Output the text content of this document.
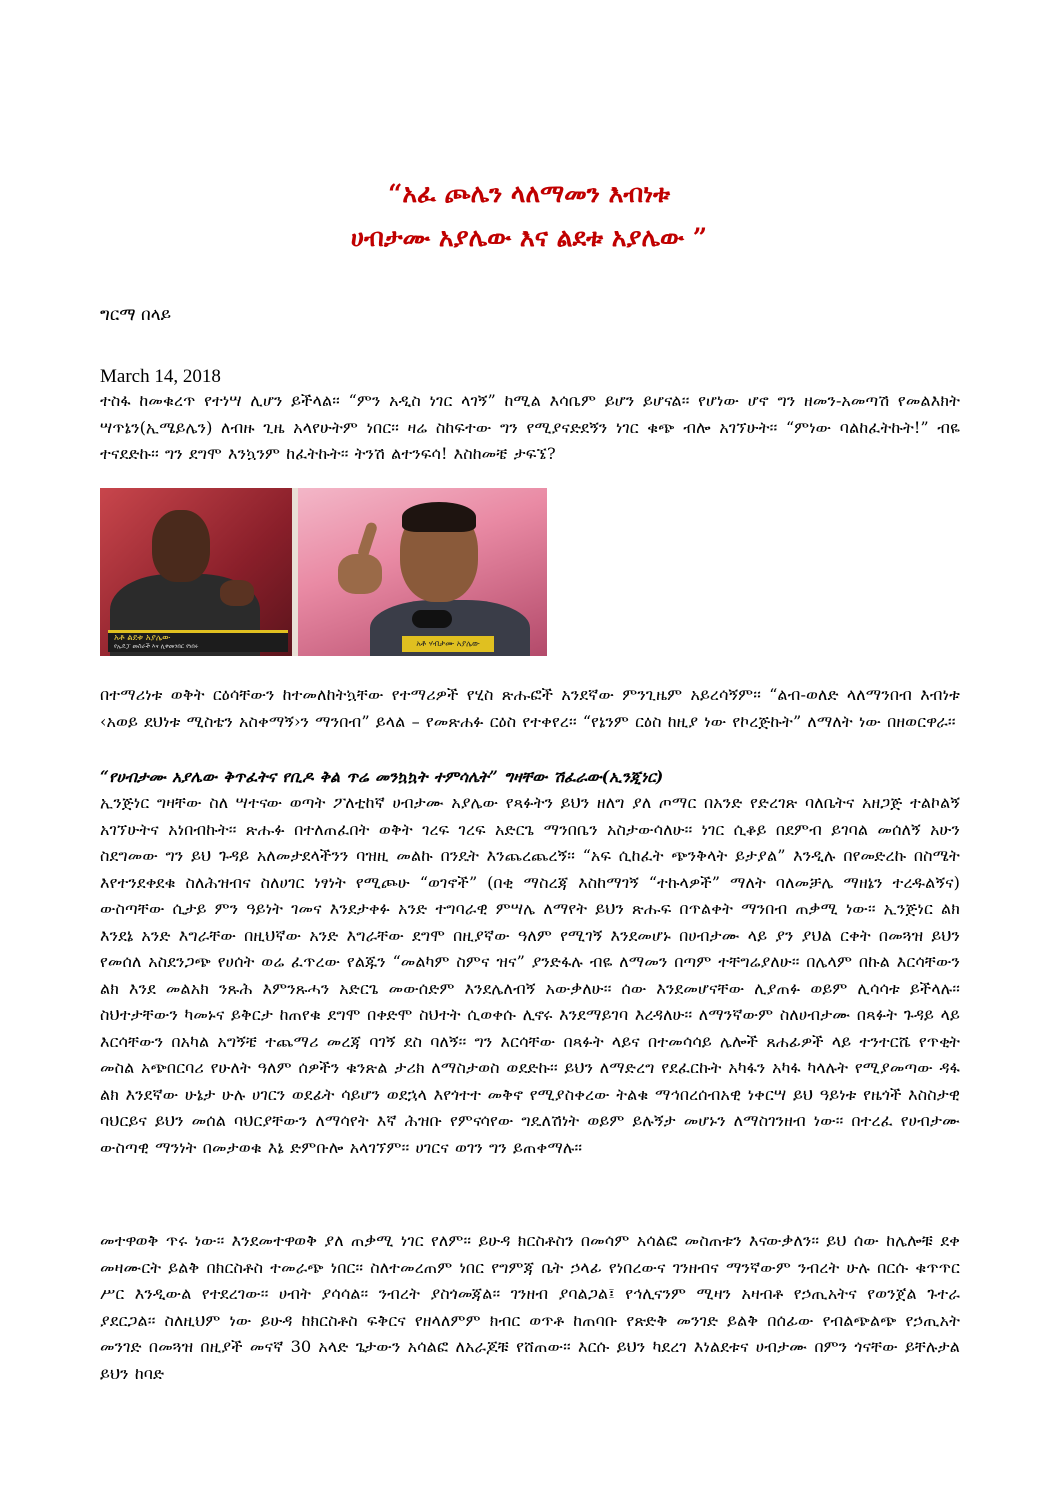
“አፈ ጮሌን ላለማመን እብነቱ
ሀብታሙ አያሌው እና ልደቱ አያሌው ”
ግርማ በላይ
March 14, 2018
ተስፋ ከመቁረጥ የተነሣ ሊሆን ይችላል፡፡ “ምን አዲስ ነገር ላገኝ” ከሚል እሳቤም ይሆን ይሆናል፡፡ የሆነው ሆኖ ግን ዘመን-አመጣሽ የመልእክት ሣጥኔን(ኢሜይሌን) ለብዙ ጊዜ አላየሁትም ነበር፡፡ ዛሬ ስከፍተው ግን የሚያናድደኝን ነገር ቁጭ ብሎ አገኘሁት፡፡ “ምነው ባልከፈትኩት!” ብዬ ተናደድኩ፡፡ ግን ደግሞ እንኳንም ከፈትኩት፡፡ ትንሽ ልተንፍሳ! እስከመቼ ታፍኜ?
አቶ ልደቱ አያሌው
የኢዴፓ መስራች እና ሊቀመንበር የነበሩ	አቶ ሃብታሙ አያሌው
በተማሪነቱ ወቅት ርዕሳቸውን ከተመለከትኳቸው የተማሪዎች የሂስ ጽሑፎች አንደኛው ምንጊዜም አይረሳኝም፡፡ “ልብ-ወለድ ላለማንበብ እብነቱ ‹አወይ ደህነቱ ሚስቴን አስቀማኝ›ን ማንበብ” ይላል – የመጽሐፉ ርዕስ የተቀየረ፡፡ “የኔንም ርዕስ ከዚያ ነው የኮረጅኩት” ለማለት ነው በዘወርዋራ፡፡
“የሀብታሙ አያሌው ቅጥፈትና የቢዶ ቅል ጥሬ መንኳኳት ተምሳሌት” ግዛቸው ሽፈራው(ኢንጂነር)
ኢንጅነር ግዛቸው ስለ ሣተናው ወጣት ፖለቲከኛ ሀብታሙ አያሌው የጻፉትን ይህን ዘለግ ያለ ጦማር በአንድ የድረገጽ ባለቤትና አዘጋጅ ተልኮልኝ አገኘሁትና አነበብኩት፡፡ ጽሑፉ በተለጠፈበት ወቅት ገረፍ ገረፍ አድርጌ ማንበቤን አስታውሳለሁ፡፡ ነገር ሲቆይ በደምብ ይገባል መሰለኝ አሁን ስደግመው ግን ይህ ጉዳይ አለመታደላችንን ባዝዚ መልኩ በንዴት እንጨረጨረኝ፡፡ “አፍ ሲከፈት ጭንቅላት ይታያል” እንዲሉ በየመድረኩ በስሜት እየተንደቀደቁ ስለሕዝብና ስለሀገር ነፃነት የሚጮሁ “ወገኖች” (በቂ ማስረጃ እስከማገኝ “ተኩላዎች” ማለት ባለመቻሌ ማዘኔን ተረዱልኝና) ውስጣቸው ሲታይ ምን ዓይነት ገመና እንደታቀፉ አንድ ተግባራዊ ምሣሌ ለማየት ይህን ጽሑፍ በጥልቀት ማንበብ ጠቃሚ ነው፡፡ ኢንጅነር ልክ እንደኔ አንድ እግራቸው በዚህኛው አንድ እግራቸው ደግሞ በዚያኛው ዓለም የሚገኝ እንደመሆኑ በሀብታሙ ላይ ያን ያህል ርቀት በመጓዝ ይህን የመሰለ አስደንጋጭ የሀሰት ወሬ ፈጥረው የልጁን “መልካም ስምና ዝና” ያንድፋሉ ብዬ ለማመን በጣም ተቸግሬያለሁ፡፡ በሌላም በኩል እርሳቸውን ልክ እንደ መልአክ ንጹሕ እምንጹሓን አድርጌ መውሰድም እንደሌለብኝ አውቃለሁ፡፡ ሰው እንደመሆናቸው ሊያጠፉ ወይም ሊሳሳቱ ይችላሉ፡፡ ስህተታቸውን ካመኑና ይቅርታ ከጠየቁ ደግሞ በቀድሞ ስህተት ሲወቀሱ ሊኖሩ እንደማይገባ እረዳለሁ፡፡ ለማንኛውም ስለሀብታሙ በጻፉት ጉዳይ ላይ እርሳቸውን በአካል አግኝቼ ተጨማሪ መረጃ ባገኝ ደስ ባለኝ፡፡ ግን እርሳቸው በጻፉት ላይና በተመሳሳይ ሌሎች ጸሐፊዎች ላይ ተንተርሼ የጥቂት መስል አጭበርባሪ የሁለት ዓለም ሰዎችን ቁንጽል ታሪክ ለማስታወስ ወደድኩ፡፡ ይህን ለማድረግ የደፈርኩት አካፋን አካፋ ካላሉት የሚያመጣው ዳፋ ልክ እንደኛው ሁኔታ ሁሉ ሀገርን ወደፊት ሳይሆን ወደኋላ እየጎተተ መቅኖ የሚያስቀረው ትልቁ ማኅበረሰብአዊ ነቀርሣ ይህ ዓይነቱ የዜጎች እስስታዊ ባህርይና ይህን መሰል ባህርያቸውን ለማሳየት እኛ ሕዝቡ የምናሳየው ግዴለሽነት ወይም ይሉኝታ መሆኑን ለማስገንዘብ ነው፡፡ በተረፈ የሀብታሙ ውስጣዊ ማንነት በመታወቁ እኔ ድምቡሎ አላገኘም፡፡ ሀገርና ወገን ግን ይጠቀማሉ፡፡
መተዋወቅ ጥሩ ነው፡፡ እንደመተዋወቅ ያለ ጠቃሚ ነገር የለም፡፡ ይሁዳ ክርስቶስን በመሳም አሳልፎ መስጠቱን እናውቃለን፡፡ ይህ ሰው ከሌሎቹ ደቀ መዛሙርት ይልቅ በክርስቶስ ተመራጭ ነበር፡፡ ስለተመረጠም ነበር የግምጃ ቤት ኃላፊ የነበረውና ገንዘብና ማንኛውም ንብረት ሁሉ በርሱ ቁጥጥር ሥር እንዲውል የተደረገው፡፡ ሀብት ያሳሳል፡፡ ንብረት ያስጎመጃል፡፡ ገንዘብ ያባልጋል፤ የኅሊናንም ሚዛን አዛብቶ የኃጢአትና የወንጀል ጉተራ ያደርጋል፡፡ ስለዚህም ነው ይሁዳ ከክርስቶስ ፍቅርና የዘላለምም ክብር ወጥቶ ከጠባቡ የጽድቅ መንገድ ይልቅ በሰፊው የብልጭልጭ የኃጢአት መንገድ በመጓዝ በዚያች መናኛ 30 አላድ ጌታውን አሳልፎ ለአራጆቹ የሸጠው፡፡ እርሱ ይህን ካደረገ እነልደቱና ሀብታሙ በምን ጎናቸው ይቸሉታል ይህን ከባድ
